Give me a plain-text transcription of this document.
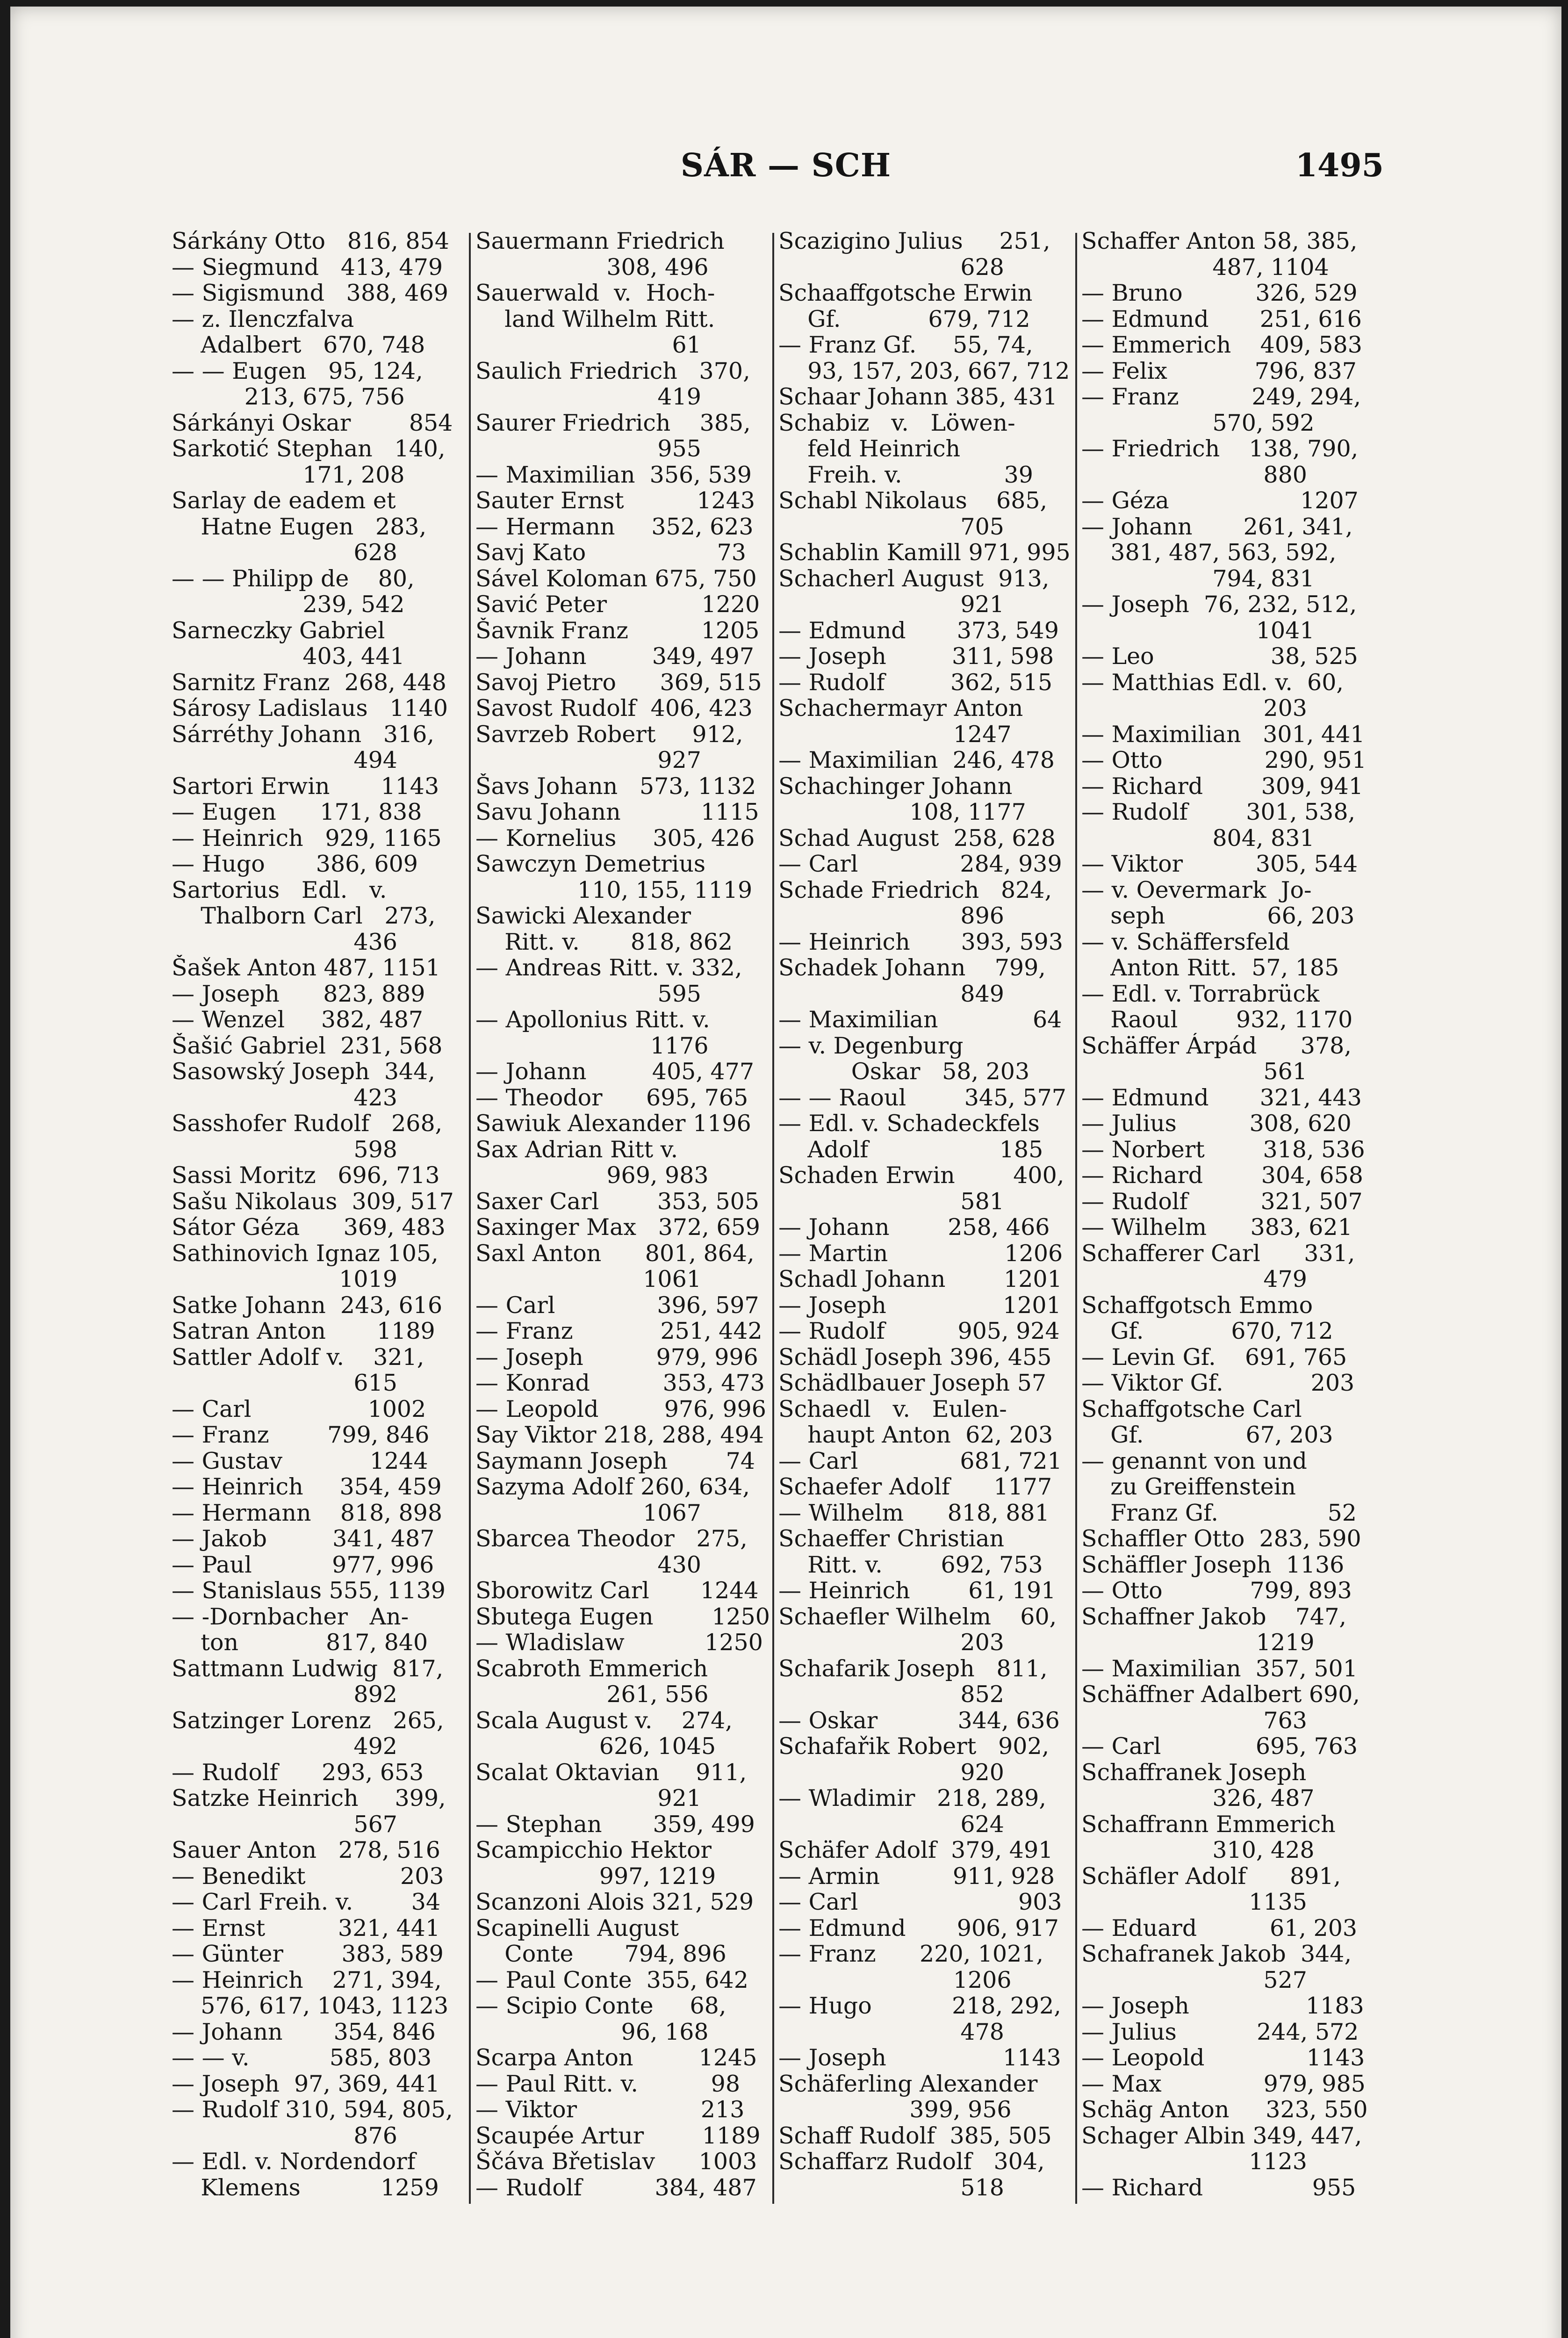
SÁR — SCH	1495
Sárkány Otto   816, 854
— Siegmund   413, 479
— Sigismund   388, 469
— z. Ilenczfalva
Adalbert   670, 748
— — Eugen   95, 124,
213, 675, 756
Sárkányi Oskar        854
Sarkotić Stephan   140,
171, 208
Sarlay de eadem et
Hatne Eugen   283,
628
— — Philipp de    80,
239, 542
Sarneczky Gabriel
403, 441
Sarnitz Franz  268, 448
Sárosy Ladislaus   1140
Sárréthy Johann   316,
494
Sartori Erwin       1143
— Eugen      171, 838
— Heinrich   929, 1165
— Hugo       386, 609
Sartorius   Edl.   v.
Thalborn Carl   273,
436
Šašek Anton 487, 1151
— Joseph      823, 889
— Wenzel     382, 487
Šašić Gabriel  231, 568
Sasowský Joseph  344,
423
Sasshofer Rudolf   268,
598
Sassi Moritz   696, 713
Sašu Nikolaus  309, 517
Sátor Géza      369, 483
Sathinovich Ignaz 105,
1019
Satke Johann  243, 616
Satran Anton       1189
Sattler Adolf v.    321,
615
— Carl                1002
— Franz        799, 846
— Gustav            1244
— Heinrich     354, 459
— Hermann    818, 898
— Jakob         341, 487
— Paul           977, 996
— Stanislaus 555, 1139
— -Dornbacher   An-
ton            817, 840
Sattmann Ludwig  817,
892
Satzinger Lorenz   265,
492
— Rudolf      293, 653
Satzke Heinrich     399,
567
Sauer Anton   278, 516
— Benedikt             203
— Carl Freih. v.        34
— Ernst          321, 441
— Günter        383, 589
— Heinrich    271, 394,
576, 617, 1043, 1123
— Johann       354, 846
— — v.           585, 803
— Joseph  97, 369, 441
— Rudolf 310, 594, 805,
876
— Edl. v. Nordendorf
Klemens           1259
Sauermann Friedrich
308, 496
Sauerwald  v.  Hoch-
land Wilhelm Ritt.
61
Saulich Friedrich   370,
419
Saurer Friedrich    385,
955
— Maximilian  356, 539
Sauter Ernst          1243
— Hermann     352, 623
Savj Kato                  73
Sável Koloman 675, 750
Savić Peter             1220
Šavnik Franz          1205
— Johann         349, 497
Savoj Pietro      369, 515
Savost Rudolf  406, 423
Savrzeb Robert     912,
927
Šavs Johann   573, 1132
Savu Johann           1115
— Kornelius     305, 426
Sawczyn Demetrius
110, 155, 1119
Sawicki Alexander
Ritt. v.       818, 862
— Andreas Ritt. v. 332,
595
— Apollonius Ritt. v.
1176
— Johann         405, 477
— Theodor      695, 765
Sawiuk Alexander 1196
Sax Adrian Ritt v.
969, 983
Saxer Carl        353, 505
Saxinger Max   372, 659
Saxl Anton      801, 864,
1061
— Carl              396, 597
— Franz            251, 442
— Joseph          979, 996
— Konrad          353, 473
— Leopold         976, 996
Say Viktor 218, 288, 494
Saymann Joseph        74
Sazyma Adolf 260, 634,
1067
Sbarcea Theodor   275,
430
Sborowitz Carl       1244
Sbutega Eugen        1250
— Wladislaw           1250
Scabroth Emmerich
261, 556
Scala August v.    274,
626, 1045
Scalat Oktavian     911,
921
— Stephan       359, 499
Scampicchio Hektor
997, 1219
Scanzoni Alois 321, 529
Scapinelli August
Conte       794, 896
— Paul Conte  355, 642
— Scipio Conte     68,
96, 168
Scarpa Anton         1245
— Paul Ritt. v.          98
— Viktor                 213
Scaupée Artur        1189
Ščáva Břetislav      1003
— Rudolf          384, 487
Scazigino Julius     251,
628
Schaaffgotsche Erwin
Gf.            679, 712
— Franz Gf.     55, 74,
93, 157, 203, 667, 712
Schaar Johann 385, 431
Schabiz   v.   Löwen-
feld Heinrich
Freih. v.              39
Schabl Nikolaus    685,
705
Schablin Kamill 971, 995
Schacherl August  913,
921
— Edmund       373, 549
— Joseph         311, 598
— Rudolf         362, 515
Schachermayr Anton
1247
— Maximilian  246, 478
Schachinger Johann
108, 1177
Schad August  258, 628
— Carl              284, 939
Schade Friedrich   824,
896
— Heinrich       393, 593
Schadek Johann    799,
849
— Maximilian             64
— v. Degenburg
Oskar   58, 203
— — Raoul        345, 577
— Edl. v. Schadeckfels
Adolf                  185
Schaden Erwin        400,
581
— Johann        258, 466
— Martin                1206
Schadl Johann        1201
— Joseph                1201
— Rudolf          905, 924
Schädl Joseph 396, 455
Schädlbauer Joseph 57
Schaedl   v.   Eulen-
haupt Anton  62, 203
— Carl              681, 721
Schaefer Adolf      1177
— Wilhelm      818, 881
Schaeffer Christian
Ritt. v.        692, 753
— Heinrich        61, 191
Schaefler Wilhelm    60,
203
Schafarik Joseph   811,
852
— Oskar           344, 636
Schafařik Robert   902,
920
— Wladimir   218, 289,
624
Schäfer Adolf  379, 491
— Armin          911, 928
— Carl                      903
— Edmund       906, 917
— Franz      220, 1021,
1206
— Hugo           218, 292,
478
— Joseph                1143
Schäferling Alexander
399, 956
Schaff Rudolf  385, 505
Schaffarz Rudolf   304,
518
Schaffer Anton 58, 385,
487, 1104
— Bruno          326, 529
— Edmund       251, 616
— Emmerich    409, 583
— Felix            796, 837
— Franz          249, 294,
570, 592
— Friedrich    138, 790,
880
— Géza                  1207
— Johann       261, 341,
381, 487, 563, 592,
794, 831
— Joseph  76, 232, 512,
1041
— Leo                38, 525
— Matthias Edl. v.  60,
203
— Maximilian   301, 441
— Otto              290, 951
— Richard        309, 941
— Rudolf        301, 538,
804, 831
— Viktor          305, 544
— v. Oevermark  Jo-
seph              66, 203
— v. Schäffersfeld
Anton Ritt.  57, 185
— Edl. v. Torrabrück
Raoul        932, 1170
Schäffer Árpád      378,
561
— Edmund       321, 443
— Julius          308, 620
— Norbert        318, 536
— Richard        304, 658
— Rudolf          321, 507
— Wilhelm      383, 621
Schafferer Carl      331,
479
Schaffgotsch Emmo
Gf.            670, 712
— Levin Gf.    691, 765
— Viktor Gf.            203
Schaffgotsche Carl
Gf.              67, 203
— genannt von und
zu Greiffenstein
Franz Gf.               52
Schaffler Otto  283, 590
Schäffler Joseph  1136
— Otto            799, 893
Schaffner Jakob    747,
1219
— Maximilian  357, 501
Schäffner Adalbert 690,
763
— Carl             695, 763
Schaffranek Joseph
326, 487
Schaffrann Emmerich
310, 428
Schäfler Adolf      891,
1135
— Eduard          61, 203
Schafranek Jakob  344,
527
— Joseph                1183
— Julius           244, 572
— Leopold              1143
— Max              979, 985
Schäg Anton     323, 550
Schager Albin 349, 447,
1123
— Richard               955
